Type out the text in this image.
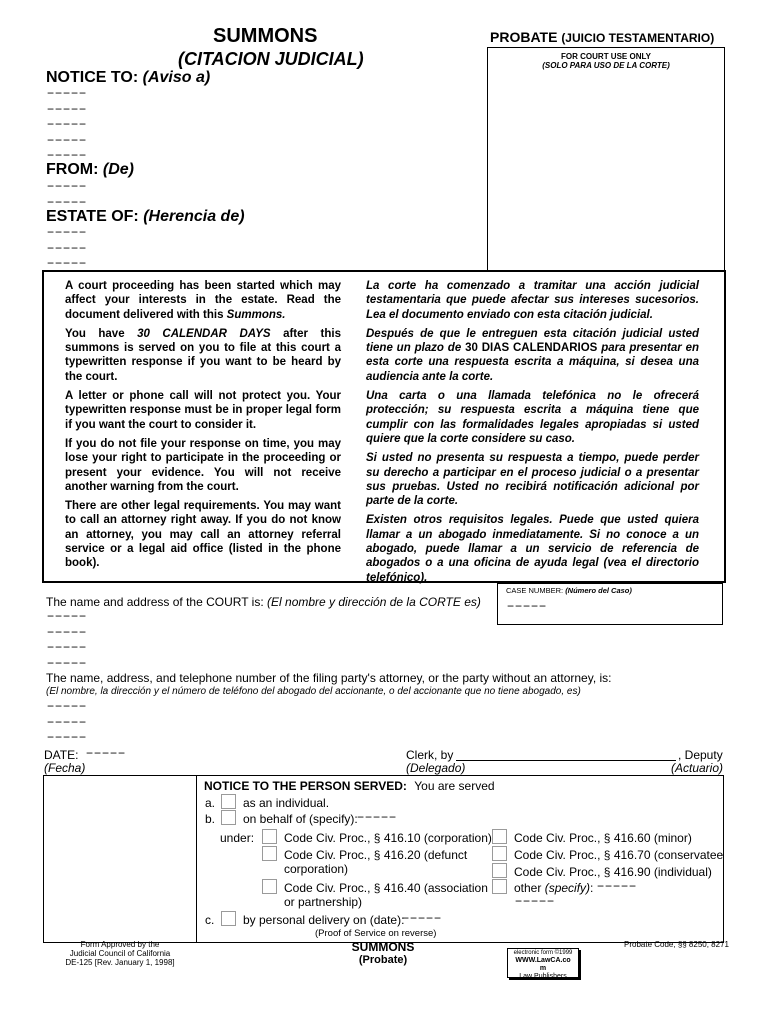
SUMMONS
(CITACION JUDICIAL)
PROBATE (JUICIO TESTAMENTARIO)
FOR COURT USE ONLY
(SOLO PARA USO DE LA CORTE)
NOTICE TO: (Aviso a)
−−−−−
−−−−−
−−−−−
−−−−−
−−−−−
FROM: (De)
−−−−−
−−−−−
ESTATE OF: (Herencia de)
−−−−−
−−−−−
−−−−−
A court proceeding has been started which may affect your interests in the estate. Read the document delivered with this Summons.
You have 30 CALENDAR DAYS after this summons is served on you to file at this court a typewritten response if you want to be heard by the court.
A letter or phone call will not protect you. Your typewritten response must be in proper legal form if you want the court to consider it.
If you do not file your response on time, you may lose your right to participate in the proceeding or present your evidence. You will not receive another warning from the court.
There are other legal requirements. You may want to call an attorney right away. If you do not know an attorney, you may call an attorney referral service or a legal aid office (listed in the phone book).
La corte ha comenzado a tramitar una acción judicial testamentaria que puede afectar sus intereses sucesorios. Lea el documento enviado con esta citación judicial.
Después de que le entreguen esta citación judicial usted tiene un plazo de 30 DIAS CALENDARIOS para presentar en esta corte una respuesta escrita a máquina, si desea una audiencia ante la corte.
Una carta o una llamada telefónica no le ofrecerá protección; su respuesta escrita a máquina tiene que cumplir con las formalidades legales apropiadas si usted quiere que la corte considere su caso.
Si usted no presenta su respuesta a tiempo, puede perder su derecho a participar en el proceso judicial o a presentar sus pruebas. Usted no recibirá notificación adicional por parte de la corte.
Existen otros requisitos legales. Puede que usted quiera llamar a un abogado inmediatamente. Si no conoce a un abogado, puede llamar a un servicio de referencia de abogados o a una oficina de ayuda legal (vea el directorio telefónico).
CASE NUMBER: (Número del Caso)
−−−−−
The name and address of the COURT is: (El nombre y dirección de la CORTE es)
−−−−−
−−−−−
−−−−−
−−−−−
The name, address, and telephone number of the filing party's attorney, or the party without an attorney, is:
(El nombre, la dirección y el número de teléfono del abogado del accionante, o del accionante que no tiene abogado, es)
−−−−−
−−−−−
−−−−−
DATE: −−−−−
(Fecha)
Clerk, by	, Deputy
(Delegado)	(Actuario)
NOTICE TO THE PERSON SERVED: You are served
a. as an individual.
b. on behalf of (specify): −−−−−
under: Code Civ. Proc., § 416.10 (corporation)
Code Civ. Proc., § 416.20 (defunct corporation)
Code Civ. Proc., § 416.40 (association or partnership)
Code Civ. Proc., § 416.60 (minor)
Code Civ. Proc., § 416.70 (conservatee
Code Civ. Proc., § 416.90 (individual)
other (specify): −−−−−
−−−−−
c. by personal delivery on (date):
−−−−−
(Proof of Service on reverse)
Form Approved by the
Judicial Council of California
DE-125 [Rev. January 1, 1998]
SUMMONS
(Probate)
electronic form ©1999
WWW.LawCA.co
m
Law Publishers
Probate Code, §§ 8250, 8271
